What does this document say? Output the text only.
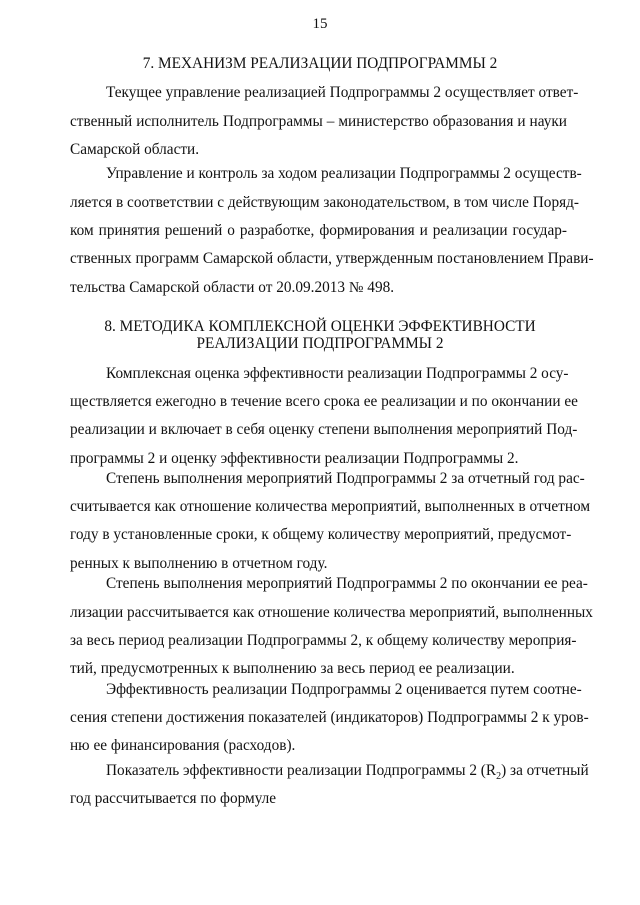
15
7. МЕХАНИЗМ РЕАЛИЗАЦИИ ПОДПРОГРАММЫ 2
Текущее управление реализацией Подпрограммы 2 осуществляет ответ-
ственный исполнитель Подпрограммы – министерство образования и науки
Самарской области.
Управление и контроль за ходом реализации Подпрограммы 2 осуществ-
ляется в соответствии с действующим законодательством, в том числе Поряд-
ком принятия решений о разработке, формирования и реализации государ-
ственных программ Самарской области, утвержденным постановлением Прави-
тельства Самарской области от 20.09.2013 № 498.
8. МЕТОДИКА КОМПЛЕКСНОЙ ОЦЕНКИ ЭФФЕКТИВНОСТИ
РЕАЛИЗАЦИИ ПОДПРОГРАММЫ 2
Комплексная оценка эффективности реализации Подпрограммы 2 осу-
ществляется ежегодно в течение всего срока ее реализации и по окончании ее
реализации и включает в себя оценку степени выполнения мероприятий Под-
программы 2 и оценку эффективности реализации Подпрограммы 2.
Степень выполнения мероприятий Подпрограммы 2 за отчетный год рас-
считывается как отношение количества мероприятий, выполненных в отчетном
году в установленные сроки, к общему количеству мероприятий, предусмот-
ренных к выполнению в отчетном году.
Степень выполнения мероприятий Подпрограммы 2 по окончании ее реа-
лизации рассчитывается как отношение количества мероприятий, выполненных
за весь период реализации Подпрограммы 2, к общему количеству мероприя-
тий, предусмотренных к выполнению за весь период ее реализации.
Эффективность реализации Подпрограммы 2 оценивается путем соотне-
сения степени достижения показателей (индикаторов) Подпрограммы 2 к уров-
ню ее финансирования (расходов).
Показатель эффективности реализации Подпрограммы 2 $(R_2)$ за отчетный
год рассчитывается по формуле
